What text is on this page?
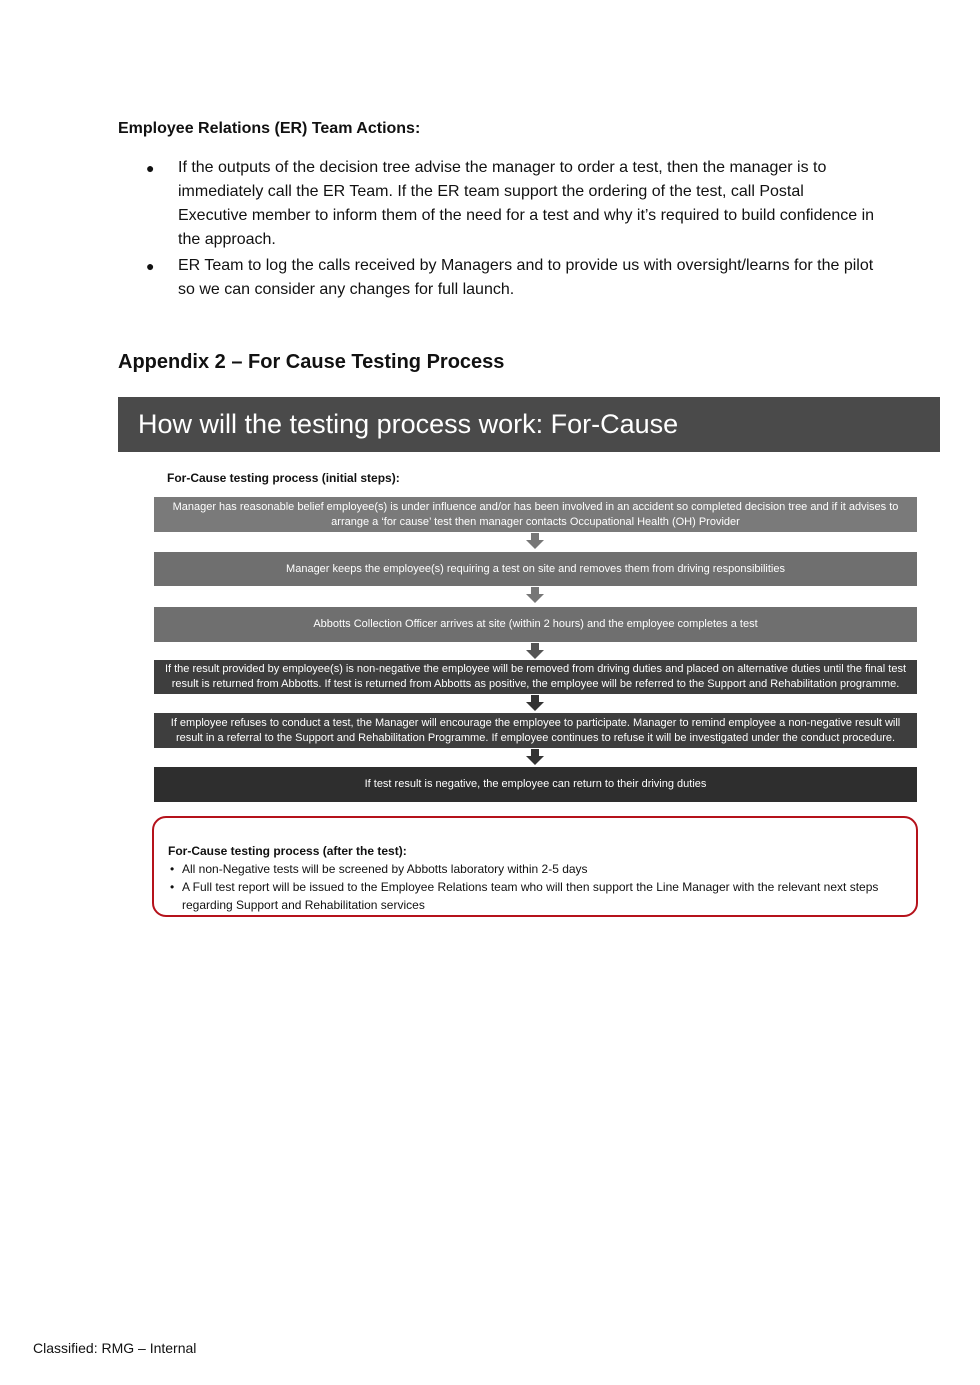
Employee Relations (ER) Team Actions:
● If the outputs of the decision tree advise the manager to order a test, then the manager is to immediately call the ER Team. If the ER team support the ordering of the test, call Postal Executive member to inform them of the need for a test and why it’s required to build confidence in the approach.
● ER Team to log the calls received by Managers and to provide us with oversight/learns for the pilot so we can consider any changes for full launch.
Appendix 2 – For Cause Testing Process
How will the testing process work: For-Cause
For-Cause testing process (initial steps):
Manager has reasonable belief employee(s) is under influence and/or has been involved in an accident so completed decision tree and if it advises to arrange a ‘for cause’ test then manager contacts Occupational Health (OH) Provider
Manager keeps the employee(s) requiring a test on site and removes them from driving responsibilities
Abbotts Collection Officer arrives at site (within 2 hours) and the employee completes a test
If the result provided by employee(s) is non-negative the employee will be removed from driving duties and placed on alternative duties until the final test result is returned from Abbotts. If test is returned from Abbotts as positive, the employee will be referred to the Support and Rehabilitation programme.
If employee refuses to conduct a test, the Manager will encourage the employee to participate. Manager to remind employee a non-negative result will result in a referral to the Support and Rehabilitation Programme. If employee continues to refuse it will be investigated under the conduct procedure.
If test result is negative, the employee can return to their driving duties
For-Cause testing process (after the test):
• All non-Negative tests will be screened by Abbotts laboratory within 2-5 days
• A Full test report will be issued to the Employee Relations team who will then support the Line Manager with the relevant next steps regarding Support and Rehabilitation services

Classified: RMG – Internal
